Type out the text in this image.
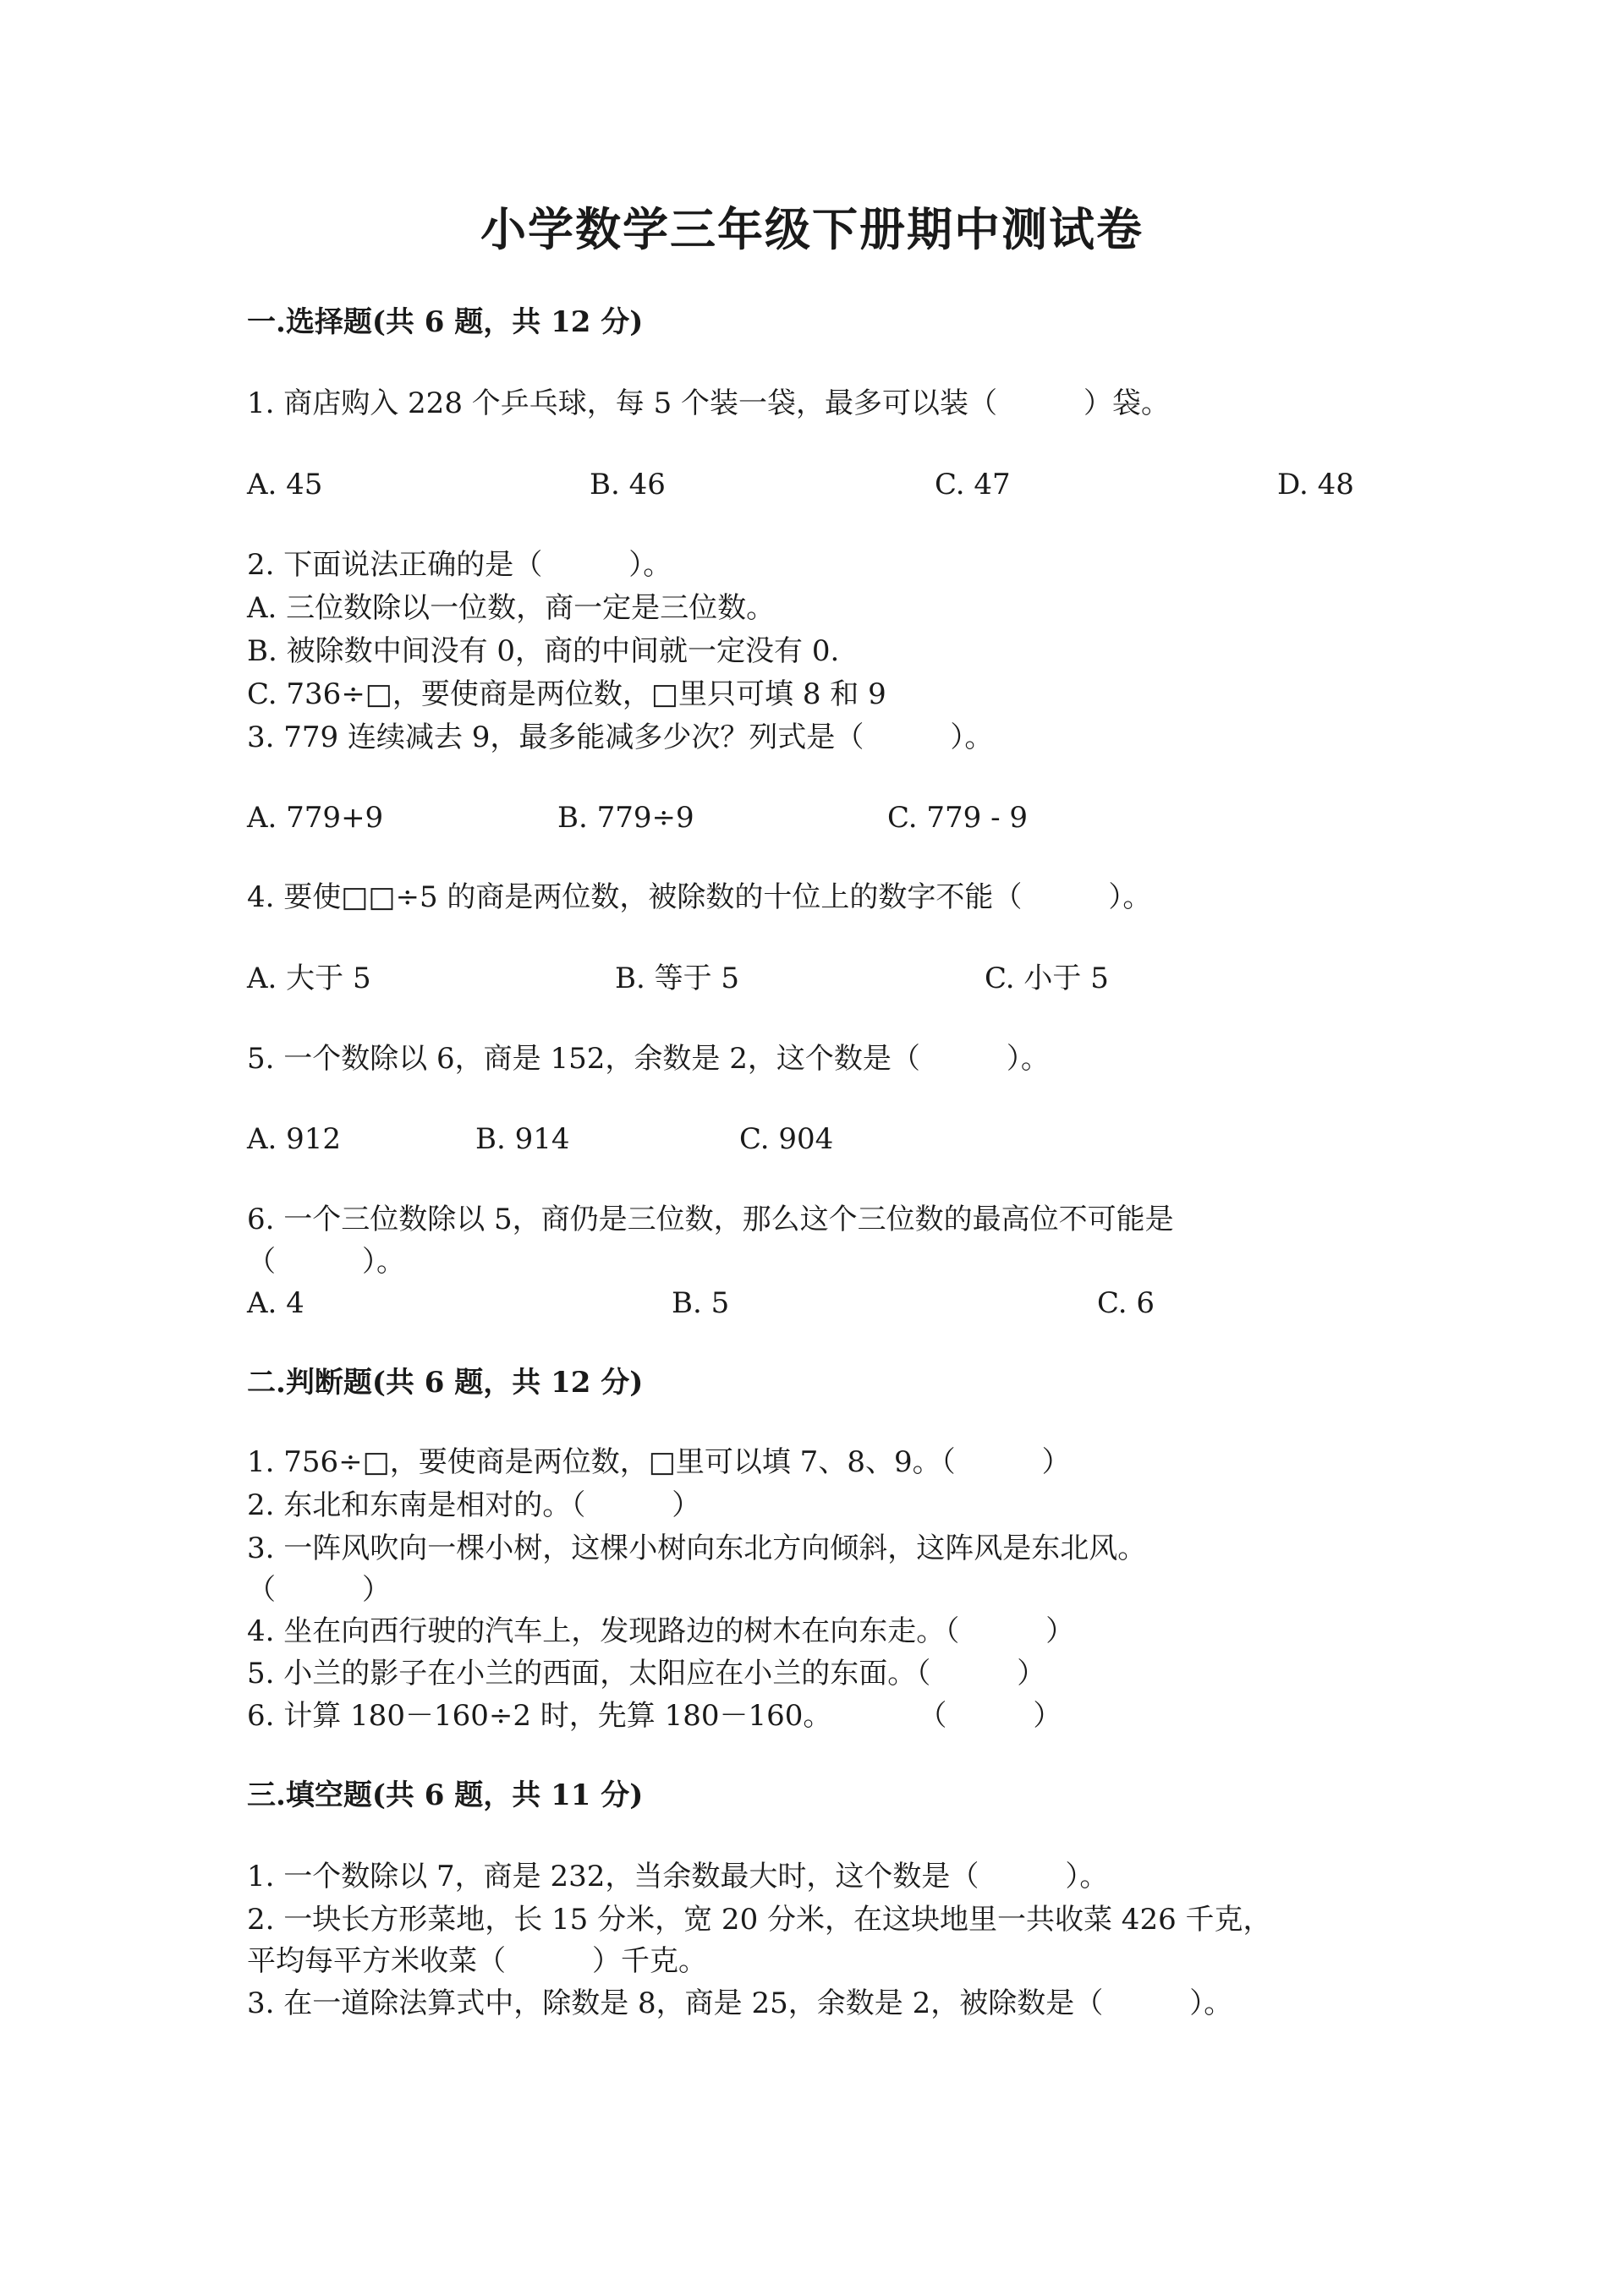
小学数学三年级下册期中测试卷
一.选择题(共 6 题，共 12 分)
1. 商店购入 228 个乒乓球，每 5 个装一袋，最多可以装（　　　）袋。
A. 45	B. 46	C. 47	D. 48
2. 下面说法正确的是（　　　）。
A. 三位数除以一位数，商一定是三位数。
B. 被除数中间没有 0，商的中间就一定没有 0.
C. 736÷□，要使商是两位数，□里只可填 8 和 9
3. 779 连续减去 9，最多能减多少次？列式是（　　　）。
A. 779+9	B. 779÷9	C. 779 - 9
4. 要使□□÷5 的商是两位数，被除数的十位上的数字不能（　　　）。
A. 大于 5	B. 等于 5	C. 小于 5
5. 一个数除以 6，商是 152，余数是 2，这个数是（　　　）。
A. 912	B. 914	C. 904
6. 一个三位数除以 5，商仍是三位数，那么这个三位数的最高位不可能是
（　　　）。
A. 4	B. 5	C. 6
二.判断题(共 6 题，共 12 分)
1. 756÷□，要使商是两位数，□里可以填 7、8、9。（　　　）
2. 东北和东南是相对的。（　　　）
3. 一阵风吹向一棵小树，这棵小树向东北方向倾斜，这阵风是东北风。
（　　　）
4. 坐在向西行驶的汽车上，发现路边的树木在向东走。（　　　）
5. 小兰的影子在小兰的西面，太阳应在小兰的东面。（　　　）
6. 计算 180－160÷2 时，先算 180－160。　　　　（　　　）
三.填空题(共 6 题，共 11 分)
1. 一个数除以 7，商是 232，当余数最大时，这个数是（　　　）。
2. 一块长方形菜地，长 15 分米，宽 20 分米，在这块地里一共收菜 426 千克，
平均每平方米收菜（　　　）千克。
3. 在一道除法算式中，除数是 8，商是 25，余数是 2，被除数是（　　　）。
